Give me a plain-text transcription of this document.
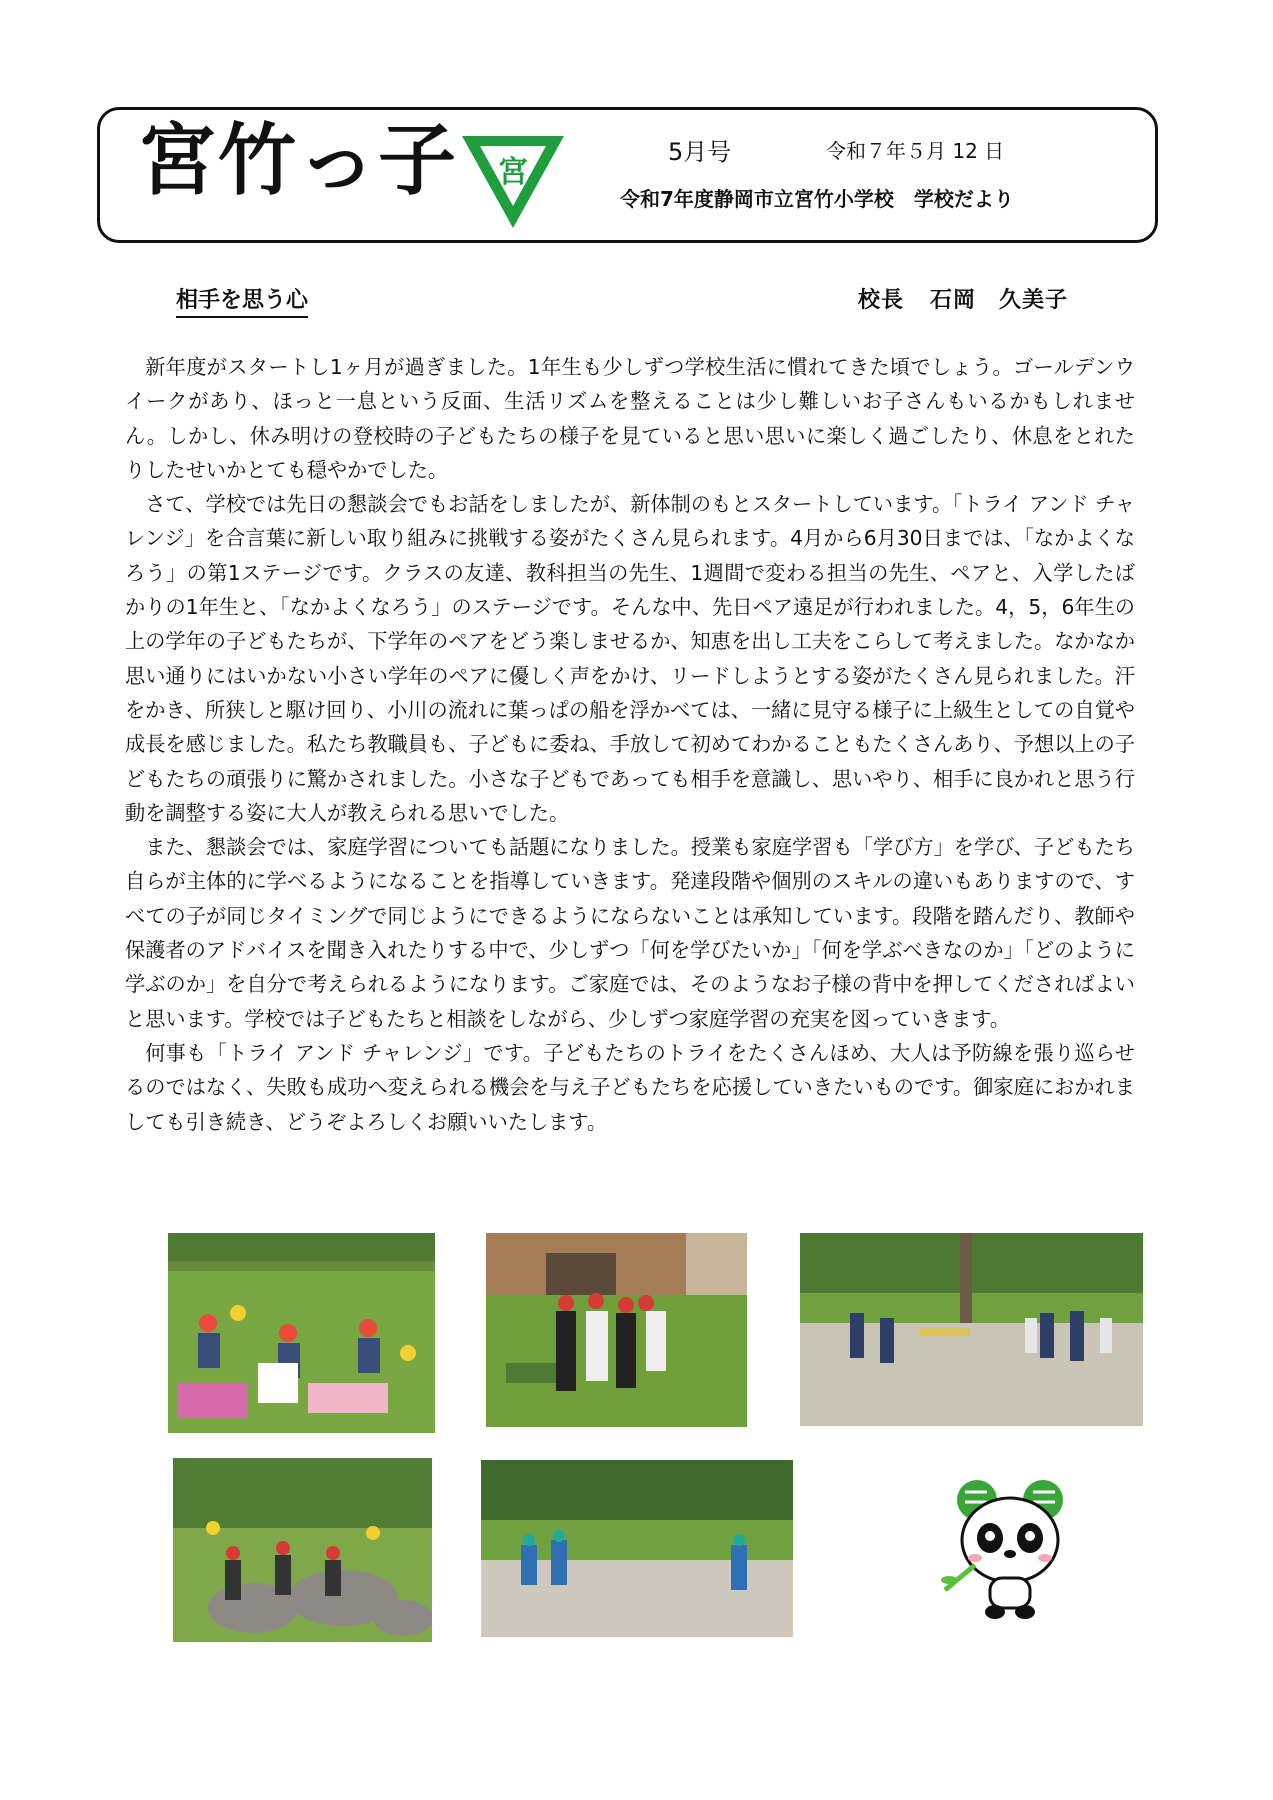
宮竹っ子 宮
5月号	令和７年５月 12 日
令和7年度静岡市立宮竹小学校　学校だより
相手を思う心	校長 石岡　久美子

新年度がスタートし1ヶ月が過ぎました。1年生も少しずつ学校生活に慣れてきた頃でしょう。ゴールデンウイークがあり、ほっと一息という反面、生活リズムを整えることは少し難しいお子さんもいるかもしれません。しかし、休み明けの登校時の子どもたちの様子を見ていると思い思いに楽しく過ごしたり、休息をとれたりしたせいかとても穏やかでした。

さて、学校では先日の懇談会でもお話をしましたが、新体制のもとスタートしています。「トライ アンド チャレンジ」を合言葉に新しい取り組みに挑戦する姿がたくさん見られます。4月から6月30日までは、「なかよくなろう」の第1ステージです。クラスの友達、教科担当の先生、1週間で変わる担当の先生、ペアと、入学したばかりの1年生と、「なかよくなろう」のステージです。そんな中、先日ペア遠足が行われました。4，5，6年生の上の学年の子どもたちが、下学年のペアをどう楽しませるか、知恵を出し工夫をこらして考えました。なかなか思い通りにはいかない小さい学年のペアに優しく声をかけ、リードしようとする姿がたくさん見られました。汗をかき、所狭しと駆け回り、小川の流れに葉っぱの船を浮かべては、一緒に見守る様子に上級生としての自覚や成長を感じました。私たち教職員も、子どもに委ね、手放して初めてわかることもたくさんあり、予想以上の子どもたちの頑張りに驚かされました。小さな子どもであっても相手を意識し、思いやり、相手に良かれと思う行動を調整する姿に大人が教えられる思いでした。

また、懇談会では、家庭学習についても話題になりました。授業も家庭学習も「学び方」を学び、子どもたち自らが主体的に学べるようになることを指導していきます。発達段階や個別のスキルの違いもありますので、すべての子が同じタイミングで同じようにできるようにならないことは承知しています。段階を踏んだり、教師や保護者のアドバイスを聞き入れたりする中で、少しずつ「何を学びたいか」「何を学ぶべきなのか」「どのように学ぶのか」を自分で考えられるようになります。ご家庭では、そのようなお子様の背中を押してくださればよいと思います。学校では子どもたちと相談をしながら、少しずつ家庭学習の充実を図っていきます。

何事も「トライ アンド チャレンジ」です。子どもたちのトライをたくさんほめ、大人は予防線を張り巡らせるのではなく、失敗も成功へ変えられる機会を与え子どもたちを応援していきたいものです。御家庭におかれましても引き続き、どうぞよろしくお願いいたします。
